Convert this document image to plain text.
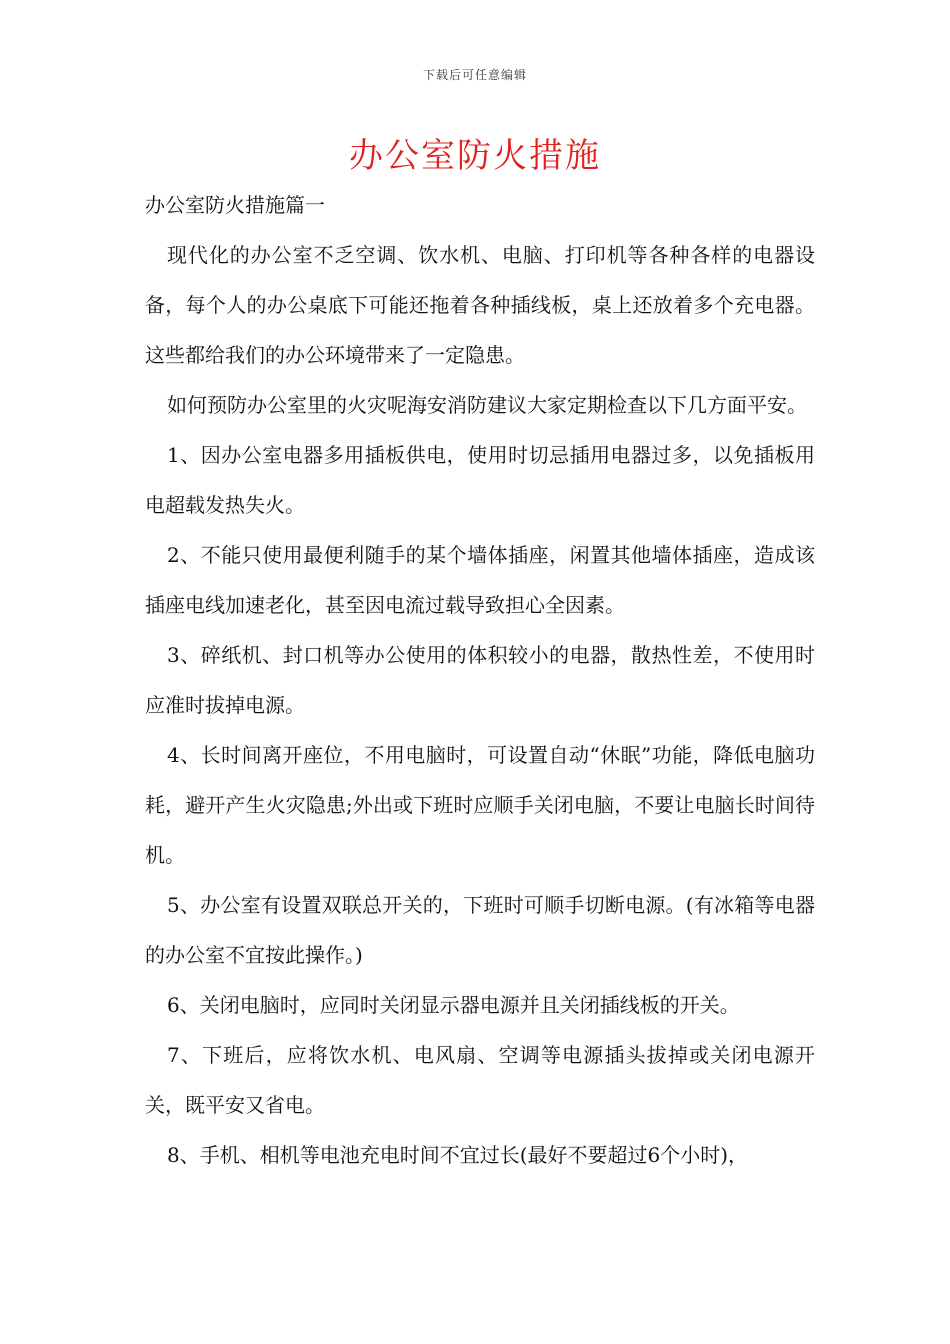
下载后可任意编辑
办公室防火措施

办公室防火措施篇一

现代化的办公室不乏空调、饮水机、电脑、打印机等各种各样的电器设备，每个人的办公桌底下可能还拖着各种插线板，桌上还放着多个充电器。这些都给我们的办公环境带来了一定隐患。

如何预防办公室里的火灾呢海安消防建议大家定期检查以下几方面平安。

1、因办公室电器多用插板供电，使用时切忌插用电器过多，以免插板用电超载发热失火。

2、不能只使用最便利随手的某个墙体插座，闲置其他墙体插座，造成该插座电线加速老化，甚至因电流过载导致担心全因素。

3、碎纸机、封口机等办公使用的体积较小的电器，散热性差，不使用时应准时拔掉电源。

4、长时间离开座位，不用电脑时，可设置自动“休眠”功能，降低电脑功耗，避开产生火灾隐患;外出或下班时应顺手关闭电脑，不要让电脑长时间待机。

5、办公室有设置双联总开关的，下班时可顺手切断电源。(有冰箱等电器的办公室不宜按此操作。)

6、关闭电脑时，应同时关闭显示器电源并且关闭插线板的开关。

7、下班后，应将饮水机、电风扇、空调等电源插头拔掉或关闭电源开关，既平安又省电。

8、手机、相机等电池充电时间不宜过长(最好不要超过6个小时)，
